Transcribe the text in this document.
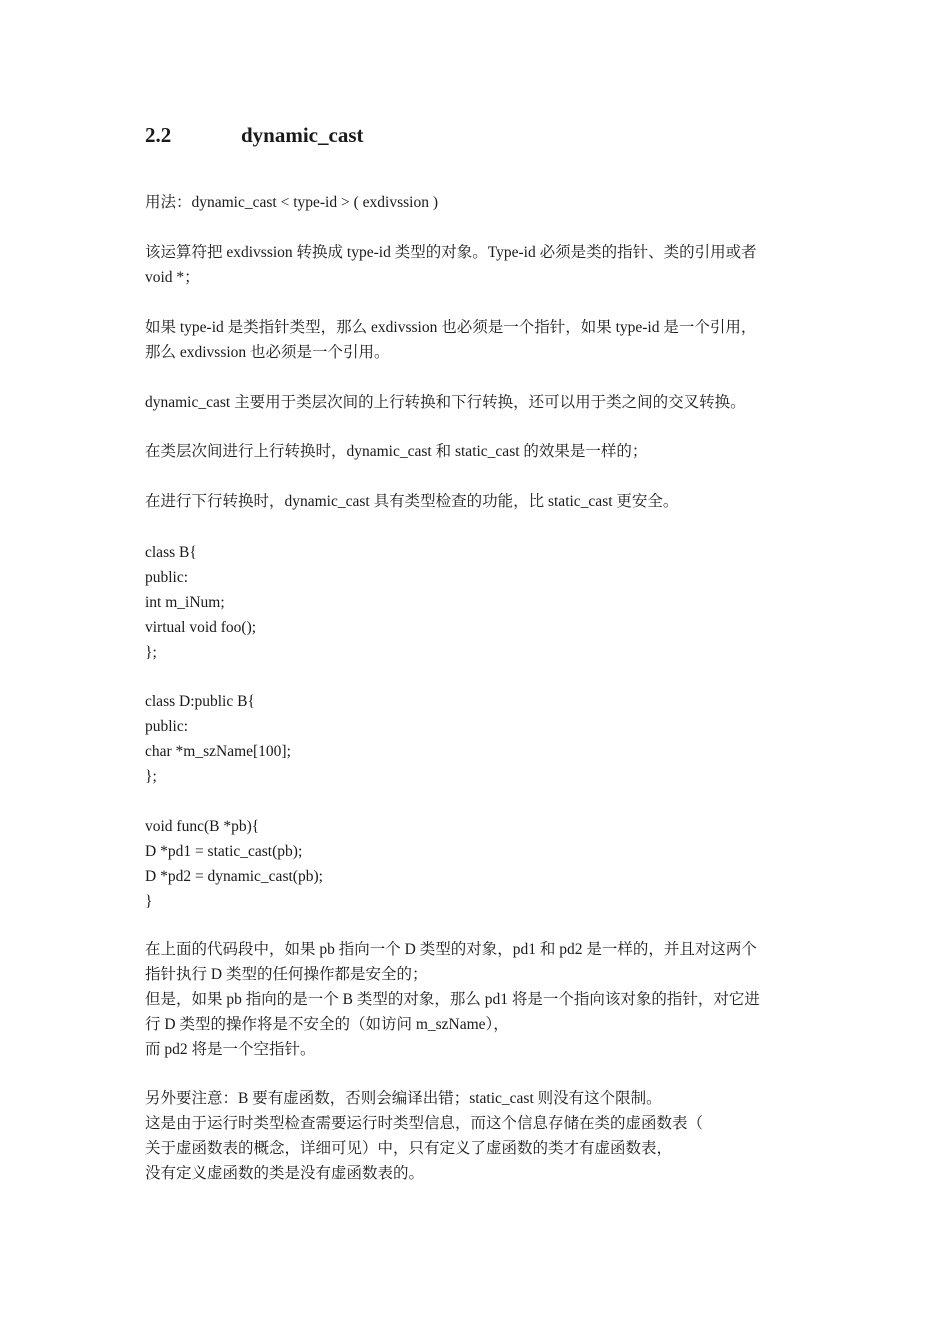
2.2	dynamic_cast
用法：dynamic_cast < type-id > ( exdivssion )
该运算符把 exdivssion 转换成 type-id 类型的对象。Type-id 必须是类的指针、类的引用或者
void *；
如果 type-id 是类指针类型，那么 exdivssion 也必须是一个指针，如果 type-id 是一个引用，
那么 exdivssion 也必须是一个引用。
dynamic_cast 主要用于类层次间的上行转换和下行转换，还可以用于类之间的交叉转换。
在类层次间进行上行转换时，dynamic_cast 和 static_cast 的效果是一样的；
在进行下行转换时，dynamic_cast 具有类型检查的功能，比 static_cast 更安全。
class B{
public:
int m_iNum;
virtual void foo();
};
class D:public B{
public:
char *m_szName[100];
};
void func(B *pb){
D *pd1 = static_cast(pb);
D *pd2 = dynamic_cast(pb);
}
在上面的代码段中，如果 pb 指向一个 D 类型的对象，pd1 和 pd2 是一样的，并且对这两个
指针执行 D 类型的任何操作都是安全的；
但是，如果 pb 指向的是一个 B 类型的对象，那么 pd1 将是一个指向该对象的指针，对它进
行 D 类型的操作将是不安全的（如访问 m_szName），
而 pd2 将是一个空指针。
另外要注意：B 要有虚函数，否则会编译出错；static_cast 则没有这个限制。
这是由于运行时类型检查需要运行时类型信息，而这个信息存储在类的虚函数表（
关于虚函数表的概念，详细可见）中，只有定义了虚函数的类才有虚函数表，
没有定义虚函数的类是没有虚函数表的。
